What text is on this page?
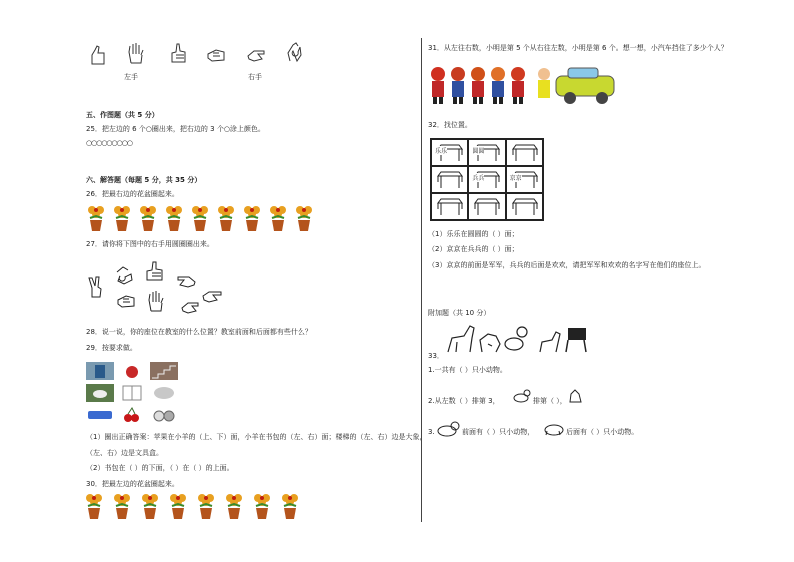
左手	右手
五、作图题（共 5 分）
25．把左边的 6 个○圈出来，把右边的 3 个○涂上颜色。
○○○○○○○○○
六、解答题（每题 5 分，共 35 分）
26．把最右边的花盆圈起来。
27．请你将下图中的右手用圆圈圈出来。
28．说一说，你的座位在教室的什么位置？教室前面和后面都有些什么？
29．按要求做。
（1）圈出正确答案：苹果在小羊的（上、下）面，小羊在书包的（左、右）面；楼梯的（左、右）边是大象，
（左、右）边是文具盒。
（2）书包在（ ）的下面，（ ）在（ ）的上面。
30．把最左边的花盆圈起来。
31．从左往右数，小明是第 5 个从右往左数，小明是第 6 个。想一想，小汽车挡住了多少个人？
32．找位置。
乐乐	圆圆
兵兵	京京
（1）乐乐在圆圆的（ ）面；
（2）京京在兵兵的（ ）面；
（3）京京的前面是军军，兵兵的后面是欢欢，请把军军和欢欢的名字写在他们的座位上。
附加题（共 10 分）
33．
1.一共有（ ）只小动物。
2.从左数（ ）排第 3，	排第（ ），
3.	前面有（ ）只小动物，	后面有（ ）只小动物。
